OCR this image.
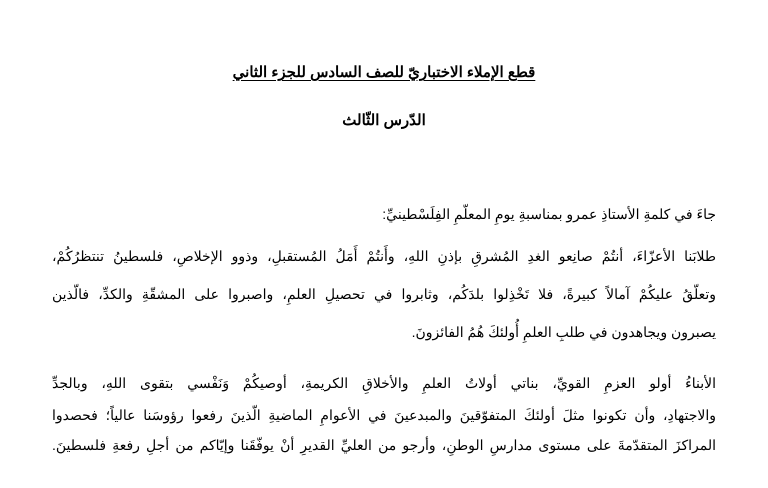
قطع الإملاء الاختباريّ للصف السادس للجزء الثاني
الدّرس الثّالث
جاءَ في كلمةِ الأستاذِ عمرو بمناسبةِ يومِ المعلّمِ الفِلَسْطينيِّ:
طلابَنا الأعزّاءَ، أنتُمْ صانِعو الغدِ المُشرقِ بإذنِ اللهِ، وأَنتُمْ أَمَلُ المُستقبلِ، وذوو الإخلاصِ، فلسطينُ تنتظرُكُمْ،
وتعلّقُ عليكُمْ آمالاً كبيرةً، فلا تَخْذِلوا بلدَكُم، وثابروا في تحصيلِ العلمِ، واصبروا على المشقّةِ والكدِّ، فالّذين
يصبرون ويجاهدون في طلبِ العلمِ أُولئكَ هُمُ الفائزونَ.
الأبناءُ أولو العزمِ القويِّ، بناتي أولاتُ العلمِ والأخلاقِ الكريمةِ، أوصيكُمْ وَنَفْسي بتقوى اللهِ، وبالجدِّ
والاجتهادِ، وأن تكونوا مثلَ أولئكَ المتفوّقينَ والمبدعينَ في الأعوامِ الماضيةِ الّذينَ رفعوا رؤوسَنا عالياً؛ فحصدوا
المراكزَ المتقدّمةَ على مستوى مدارسِ الوطنِ، وأرجو من العليِّ القديرِ أنْ يوفّقَنا وإيّاكم من أجلِ رفعةِ فلسطينَ.
